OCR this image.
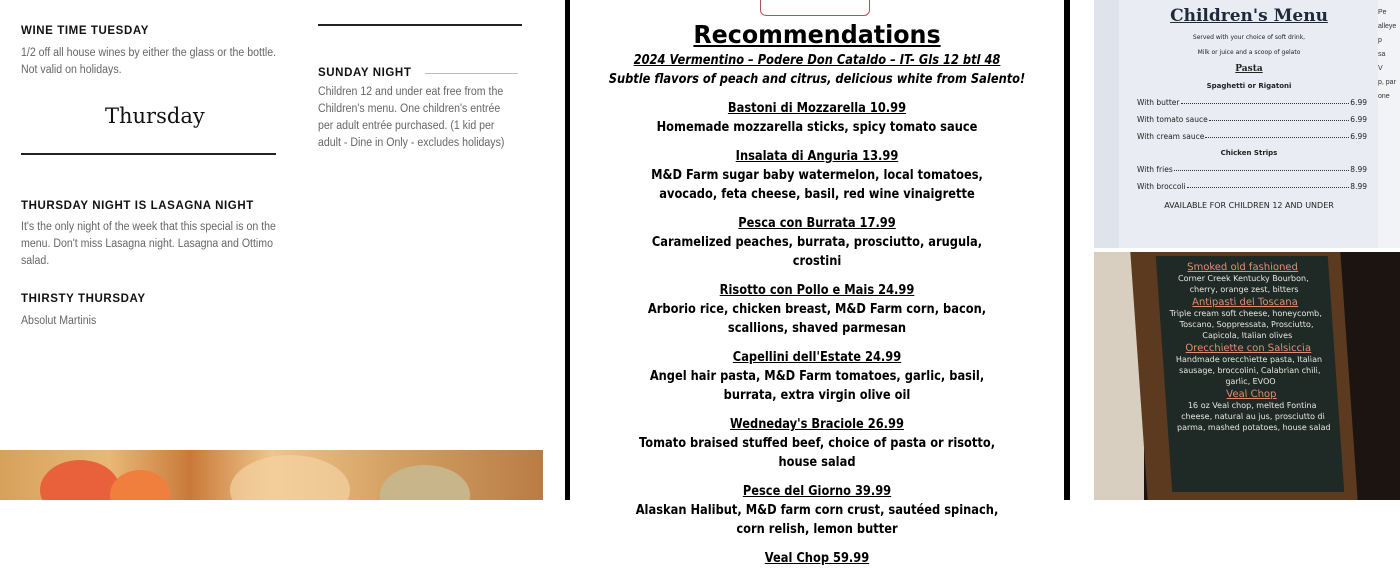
WINE TIME TUESDAY
1/2 off all house wines by either the glass or the bottle. Not valid on holidays.
Thursday
THURSDAY NIGHT IS LASAGNA NIGHT
It's the only night of the week that this special is on the menu. Don't miss Lasagna night. Lasagna and Ottimo salad.
THIRSTY THURSDAY
Absolut Martinis
SUNDAY NIGHT
Children 12 and under eat free from the Children's menu. One children's entrée per adult entrée purchased. (1 kid per adult - Dine in Only - excludes holidays)
Recommendations
2024 Vermentino – Podere Don Cataldo – IT- Gls 12 btl 48
Subtle flavors of peach and citrus, delicious white from Salento!
Bastoni di Mozzarella 10.99
Homemade mozzarella sticks, spicy tomato sauce
Insalata di Anguria 13.99
M&D Farm sugar baby watermelon, local tomatoes, avocado, feta cheese, basil, red wine vinaigrette
Pesca con Burrata 17.99
Caramelized peaches, burrata, prosciutto, arugula, crostini
Risotto con Pollo e Mais 24.99
Arborio rice, chicken breast, M&D Farm corn, bacon, scallions, shaved parmesan
Capellini dell'Estate 24.99
Angel hair pasta, M&D Farm tomatoes, garlic, basil, burrata, extra virgin olive oil
Wedneday's Braciole 26.99
Tomato braised stuffed beef, choice of pasta or risotto, house salad
Pesce del Giorno 39.99
Alaskan Halibut, M&D farm corn crust, sautéed spinach, corn relish, lemon butter
Veal Chop 59.99
Children's Menu
Served with your choice of soft drink,
Milk or juice and a scoop of gelato
Pasta
Spaghetti or Rigatoni
With butter	6.99
With tomato sauce	6.99
With cream sauce	6.99
Chicken Strips
With fries	8.99
With broccoli	8.99
AVAILABLE FOR CHILDREN 12 AND UNDER
Pe
alleye p
sa
V
p, par
one
Smoked old fashioned
Corner Creek Kentucky Bourbon, cherry, orange zest, bitters
Antipasti del Toscana
Triple cream soft cheese, honeycomb, Toscano, Soppressata, Prosciutto, Capicola, Italian olives
Orecchiette con Salsiccia
Handmade orecchiette pasta, Italian sausage, broccolini, Calabrian chili, garlic, EVOO
Veal Chop
16 oz Veal chop, melted Fontina cheese, natural au jus, prosciutto di parma, mashed potatoes, house salad
